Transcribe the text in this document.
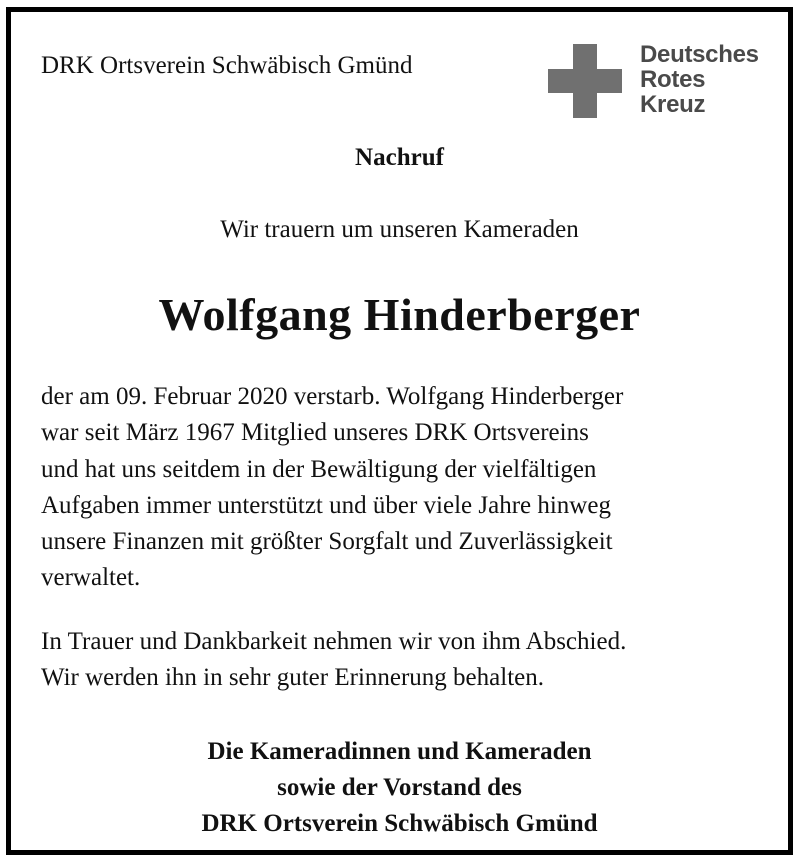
DRK Ortsverein Schwäbisch Gmünd	Deutsches
Rotes
Kreuz
Nachruf
Wir trauern um unseren Kameraden
Wolfgang Hinderberger
der am 09. Februar 2020 verstarb. Wolfgang Hinderberger
war seit März 1967 Mitglied unseres DRK Ortsvereins
und hat uns seitdem in der Bewältigung der vielfältigen
Aufgaben immer unterstützt und über viele Jahre hinweg
unsere Finanzen mit größter Sorgfalt und Zuverlässigkeit
verwaltet.
In Trauer und Dankbarkeit nehmen wir von ihm Abschied.
Wir werden ihn in sehr guter Erinnerung behalten.
Die Kameradinnen und Kameraden
sowie der Vorstand des
DRK Ortsverein Schwäbisch Gmünd
